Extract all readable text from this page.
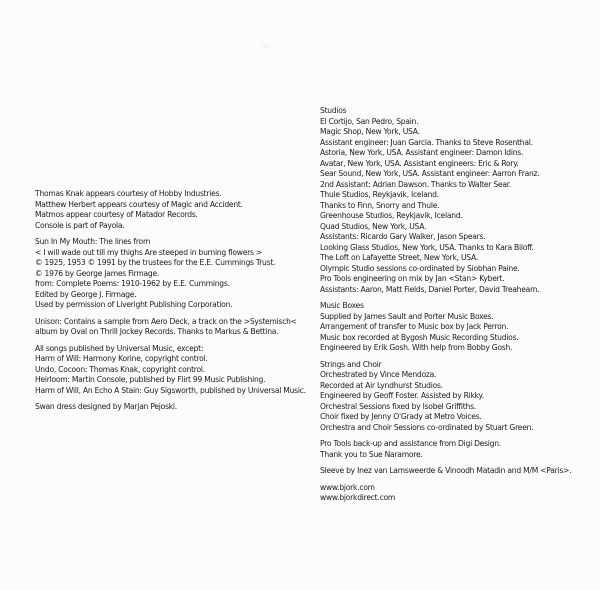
Thomas Knak appears courtesy of Hobby Industries.
Matthew Herbert appears courtesy of Magic and Accident.
Matmos appear courtesy of Matador Records.
Console is part of Payola.
Sun In My Mouth: The lines from
< I will wade out till my thighs Are steeped in burning flowers >
© 1925, 1953 © 1991 by the trustees for the E.E. Cummings Trust.
© 1976 by George James Firmage.
from: Complete Poems: 1910-1962 by E.E. Cummings.
Edited by George J. Firmage.
Used by permission of Liveright Publishing Corporation.
Unison: Contains a sample from Aero Deck, a track on the >Systemisch<
album by Oval on Thrill Jockey Records. Thanks to Markus & Bettina.
All songs published by Universal Music, except:
Harm of Will: Harmony Korine, copyright control.
Undo, Cocoon: Thomas Knak, copyright control.
Heirloom: Martin Console, published by Flirt 99 Music Publishing.
Harm of Will, An Echo A Stain: Guy Sigsworth, published by Universal Music.
Swan dress designed by Marjan Pejoski.
Studios
El Cortijo, San Pedro, Spain.
Magic Shop, New York, USA.
Assistant engineer: Juan Garcia. Thanks to Steve Rosenthal.
Astoria, New York, USA. Assistant engineer: Damon Idins.
Avatar, New York, USA. Assistant engineers: Eric & Rory.
Sear Sound, New York, USA. Assistant engineer: Aarron Franz.
2nd Assistant: Adrian Dawson. Thanks to Walter Sear.
Thule Studios, Reykjavik, Iceland.
Thanks to Finn, Snorry and Thule.
Greenhouse Studios, Reykjavik, Iceland.
Quad Studios, New York, USA.
Assistants: Ricardo Gary Walker, Jason Spears.
Looking Glass Studios, New York, USA. Thanks to Kara Biloff.
The Loft on Lafayette Street, New York, USA.
Olympic Studio sessions co-ordinated by Siobhan Paine.
Pro Tools engineering on mix by Jan <Stan> Kybert.
Assistants: Aaron, Matt Fields, Daniel Porter, David Treahearn.
Music Boxes
Supplied by James Sault and Porter Music Boxes.
Arrangement of transfer to Music box by Jack Perron.
Music box recorded at Bygosh Music Recording Studios.
Engineered by Erik Gosh. With help from Bobby Gosh.
Strings and Choir
Orchestrated by Vince Mendoza.
Recorded at Air Lyndhurst Studios.
Engineered by Geoff Foster. Assisted by Rikky.
Orchestral Sessions fixed by Isobel Griffiths.
Choir fixed by Jenny O'Grady at Metro Voices.
Orchestra and Choir Sessions co-ordinated by Stuart Green.
Pro Tools back-up and assistance from Digi Design.
Thank you to Sue Naramore.
Sleeve by Inez van Lamsweerde & Vinoodh Matadin and M/M <Paris>.
www.bjork.com
www.bjorkdirect.com
